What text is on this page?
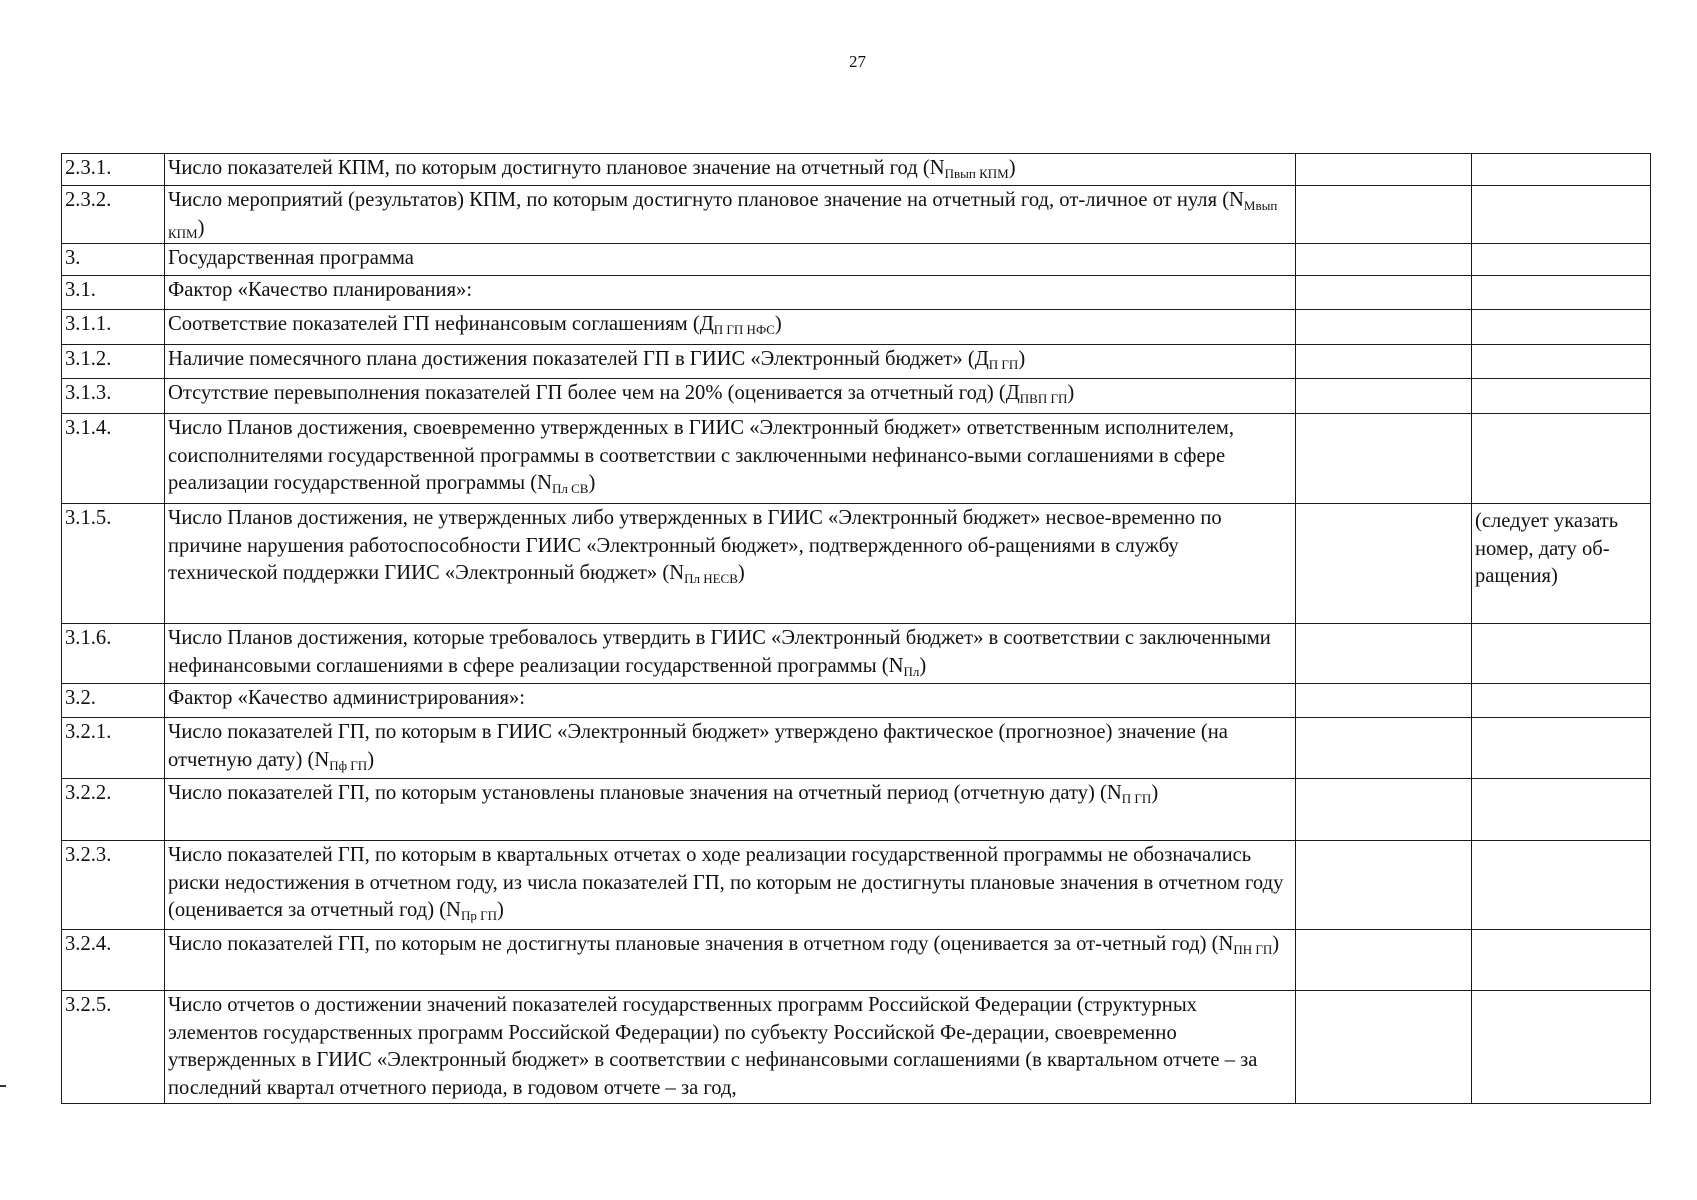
27
2.3.1.	Число показателей КПМ, по которым достигнуто плановое значение на отчетный год $(N_{Пвып КПМ})$		
2.3.2.	Число мероприятий (результатов) КПМ, по которым достигнуто плановое значение на отчетный год, от-личное от нуля $(N_{Мвып КПМ})$		
3.	Государственная программа		
3.1.	Фактор «Качество планирования»:		
3.1.1.	Соответствие показателей ГП нефинансовым соглашениям $(Д_{П ГП НФС})$		
3.1.2.	Наличие помесячного плана достижения показателей ГП в ГИИС «Электронный бюджет» $(Д_{П ГП})$		
3.1.3.	Отсутствие перевыполнения показателей ГП более чем на 20% (оценивается за отчетный год) $(Д_{ПВП ГП})$		
3.1.4.	Число Планов достижения, своевременно утвержденных в ГИИС «Электронный бюджет» ответственным исполнителем, соисполнителями государственной программы в соответствии с заключенными нефинансо-выми соглашениями в сфере реализации государственной программы $(N_{Пл СВ})$		
3.1.5.	Число Планов достижения, не утвержденных либо утвержденных в ГИИС «Электронный бюджет» несвое-временно по причине нарушения работоспособности ГИИС «Электронный бюджет», подтвержденного об-ращениями в службу технической поддержки ГИИС «Электронный бюджет» $(N_{Пл НЕСВ})$		(следует указать номер, дату об-ращения)
3.1.6.	Число Планов достижения, которые требовалось утвердить в ГИИС «Электронный бюджет» в соответствии с заключенными нефинансовыми соглашениями в сфере реализации государственной программы $(N_{Пл})$		
3.2.	Фактор «Качество администрирования»:		
3.2.1.	Число показателей ГП, по которым в ГИИС «Электронный бюджет» утверждено фактическое (прогнозное) значение (на отчетную дату) $(N_{Пф ГП})$		
3.2.2.	Число показателей ГП, по которым установлены плановые значения на отчетный период (отчетную дату) $(N_{П ГП})$		
3.2.3.	Число показателей ГП, по которым в квартальных отчетах о ходе реализации государственной программы не обозначались риски недостижения в отчетном году, из числа показателей ГП, по которым не достигнуты плановые значения в отчетном году (оценивается за отчетный год) $(N_{Пр ГП})$		
3.2.4.	Число показателей ГП, по которым не достигнуты плановые значения в отчетном году (оценивается за от-четный год) $(N_{ПН ГП})$		
3.2.5.	Число отчетов о достижении значений показателей государственных программ Российской Федерации (структурных элементов государственных программ Российской Федерации) по субъекту Российской Фе-дерации, своевременно утвержденных в ГИИС «Электронный бюджет» в соответствии с нефинансовыми соглашениями (в квартальном отчете – за последний квартал отчетного периода, в годовом отчете – за год,		
